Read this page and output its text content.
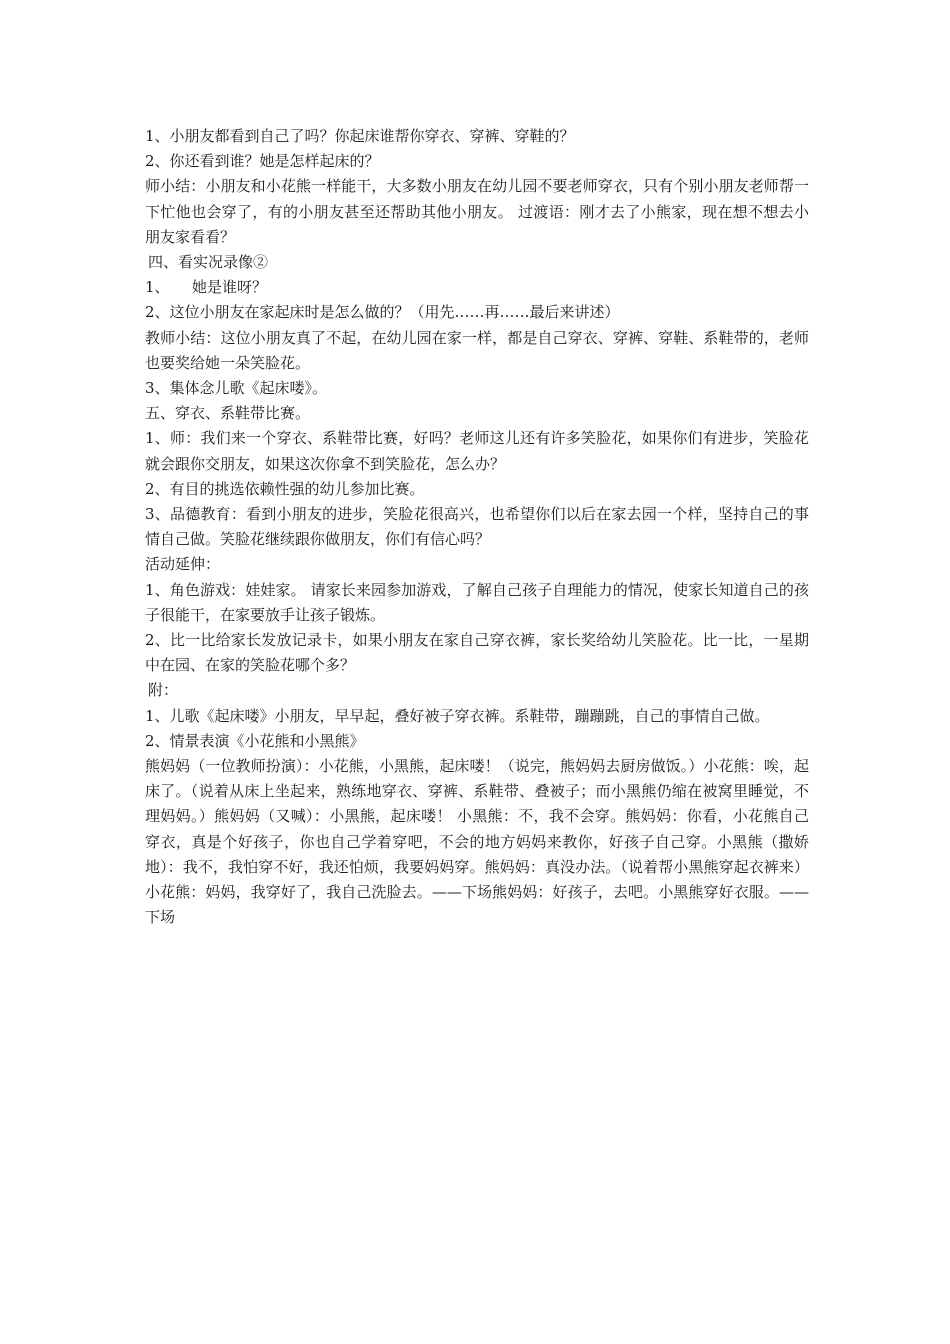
1、小朋友都看到自己了吗？你起床谁帮你穿衣、穿裤、穿鞋的？

2、你还看到谁？她是怎样起床的？

师小结：小朋友和小花熊一样能干，大多数小朋友在幼儿园不要老师穿衣，只有个别小朋友老师帮一下忙他也会穿了，有的小朋友甚至还帮助其他小朋友。 过渡语：刚才去了小熊家，现在想不想去小朋友家看看？

四、看实况录像②

1、　　她是谁呀？

2、这位小朋友在家起床时是怎么做的？（用先……再……最后来讲述）

教师小结：这位小朋友真了不起，在幼儿园在家一样，都是自己穿衣、穿裤、穿鞋、系鞋带的，老师也要奖给她一朵笑脸花。

3、集体念儿歌《起床喽》。

五、穿衣、系鞋带比赛。

1、师：我们来一个穿衣、系鞋带比赛，好吗？老师这儿还有许多笑脸花，如果你们有进步，笑脸花就会跟你交朋友，如果这次你拿不到笑脸花，怎么办？

2、有目的挑选依赖性强的幼儿参加比赛。

3、品德教育：看到小朋友的进步，笑脸花很高兴，也希望你们以后在家去园一个样，坚持自己的事情自己做。笑脸花继续跟你做朋友，你们有信心吗？

活动延伸：

1、角色游戏：娃娃家。 请家长来园参加游戏，了解自己孩子自理能力的情况，使家长知道自己的孩子很能干，在家要放手让孩子锻炼。

2、比一比给家长发放记录卡，如果小朋友在家自己穿衣裤，家长奖给幼儿笑脸花。比一比，一星期中在园、在家的笑脸花哪个多？

附：

1、儿歌《起床喽》小朋友，早早起，叠好被子穿衣裤。系鞋带，蹦蹦跳，自己的事情自己做。

2、情景表演《小花熊和小黑熊》

熊妈妈（一位教师扮演）：小花熊，小黑熊，起床喽！（说完，熊妈妈去厨房做饭。）小花熊：唉，起床了。（说着从床上坐起来，熟练地穿衣、穿裤、系鞋带、叠被子；而小黑熊仍缩在被窝里睡觉，不理妈妈。）熊妈妈（又喊）：小黑熊，起床喽！ 小黑熊：不，我不会穿。熊妈妈：你看，小花熊自己穿衣，真是个好孩子，你也自己学着穿吧，不会的地方妈妈来教你，好孩子自己穿。小黑熊（撒娇地）：我不，我怕穿不好，我还怕烦，我要妈妈穿。熊妈妈：真没办法。（说着帮小黑熊穿起衣裤来）小花熊：妈妈，我穿好了，我自己洗脸去。——下场熊妈妈：好孩子，去吧。小黑熊穿好衣服。——下场
